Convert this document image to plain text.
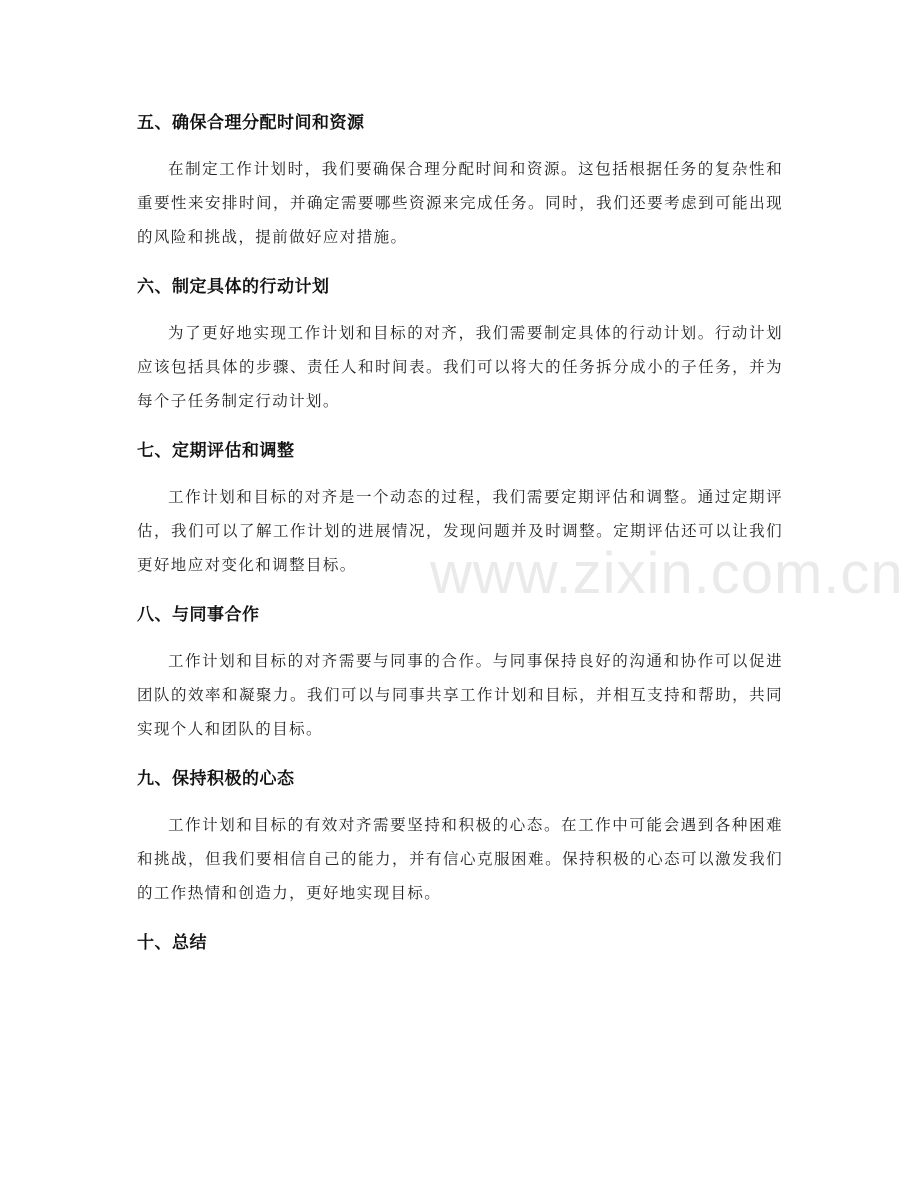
五、确保合理分配时间和资源

在制定工作计划时，我们要确保合理分配时间和资源。这包括根据任务的复杂性和重要性来安排时间，并确定需要哪些资源来完成任务。同时，我们还要考虑到可能出现的风险和挑战，提前做好应对措施。

六、制定具体的行动计划

为了更好地实现工作计划和目标的对齐，我们需要制定具体的行动计划。行动计划应该包括具体的步骤、责任人和时间表。我们可以将大的任务拆分成小的子任务，并为每个子任务制定行动计划。

七、定期评估和调整

工作计划和目标的对齐是一个动态的过程，我们需要定期评估和调整。通过定期评估，我们可以了解工作计划的进展情况，发现问题并及时调整。定期评估还可以让我们更好地应对变化和调整目标。

八、与同事合作

工作计划和目标的对齐需要与同事的合作。与同事保持良好的沟通和协作可以促进团队的效率和凝聚力。我们可以与同事共享工作计划和目标，并相互支持和帮助，共同实现个人和团队的目标。

九、保持积极的心态

工作计划和目标的有效对齐需要坚持和积极的心态。在工作中可能会遇到各种困难和挑战，但我们要相信自己的能力，并有信心克服困难。保持积极的心态可以激发我们的工作热情和创造力，更好地实现目标。

十、总结
www.zixin.com.cn
